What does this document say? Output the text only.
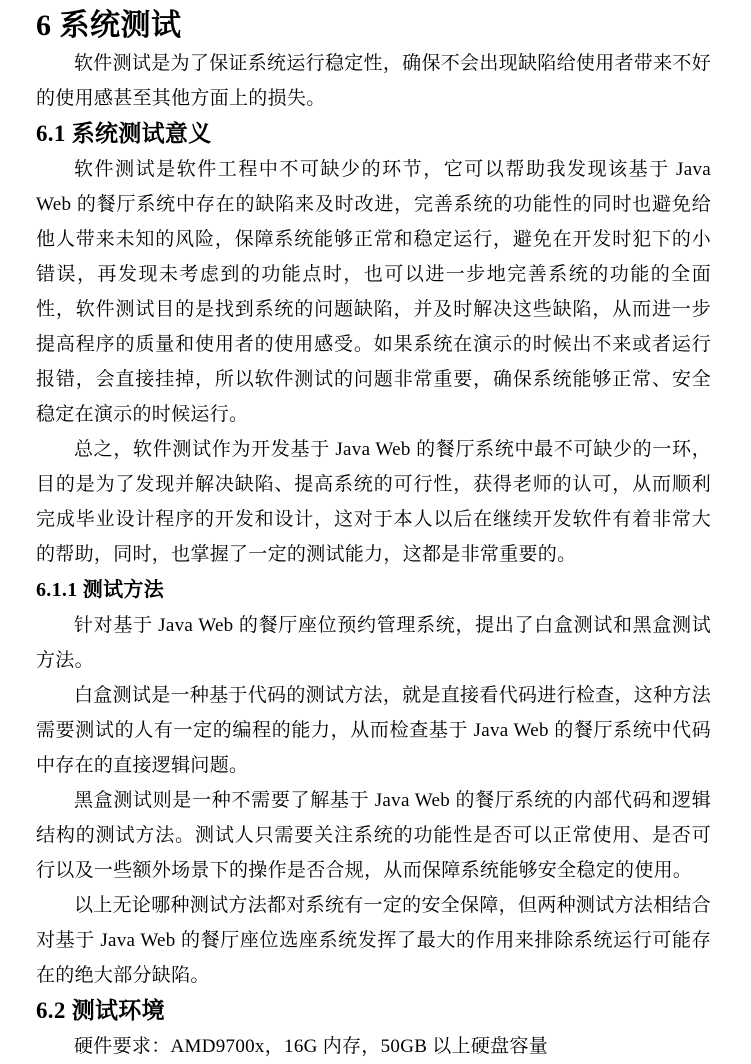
6 系统测试

软件测试是为了保证系统运行稳定性，确保不会出现缺陷给使用者带来不好的使用感甚至其他方面上的损失。

6.1 系统测试意义

软件测试是软件工程中不可缺少的环节，它可以帮助我发现该基于 Java Web 的餐厅系统中存在的缺陷来及时改进，完善系统的功能性的同时也避免给他人带来未知的风险，保障系统能够正常和稳定运行，避免在开发时犯下的小错误，再发现未考虑到的功能点时，也可以进一步地完善系统的功能的全面性，软件测试目的是找到系统的问题缺陷，并及时解决这些缺陷，从而进一步提高程序的质量和使用者的使用感受。如果系统在演示的时候出不来或者运行报错，会直接挂掉，所以软件测试的问题非常重要，确保系统能够正常、安全稳定在演示的时候运行。

总之，软件测试作为开发基于 Java Web 的餐厅系统中最不可缺少的一环，目的是为了发现并解决缺陷、提高系统的可行性，获得老师的认可，从而顺利完成毕业设计程序的开发和设计，这对于本人以后在继续开发软件有着非常大的帮助，同时，也掌握了一定的测试能力，这都是非常重要的。

6.1.1 测试方法

针对基于 Java Web 的餐厅座位预约管理系统，提出了白盒测试和黑盒测试方法。

白盒测试是一种基于代码的测试方法，就是直接看代码进行检查，这种方法需要测试的人有一定的编程的能力，从而检查基于 Java Web 的餐厅系统中代码中存在的直接逻辑问题。

黑盒测试则是一种不需要了解基于 Java Web 的餐厅系统的内部代码和逻辑结构的测试方法。测试人只需要关注系统的功能性是否可以正常使用、是否可行以及一些额外场景下的操作是否合规，从而保障系统能够安全稳定的使用。

以上无论哪种测试方法都对系统有一定的安全保障，但两种测试方法相结合对基于 Java Web 的餐厅座位选座系统发挥了最大的作用来排除系统运行可能存在的绝大部分缺陷。

6.2 测试环境

硬件要求：AMD9700x，16G 内存，50GB 以上硬盘容量
